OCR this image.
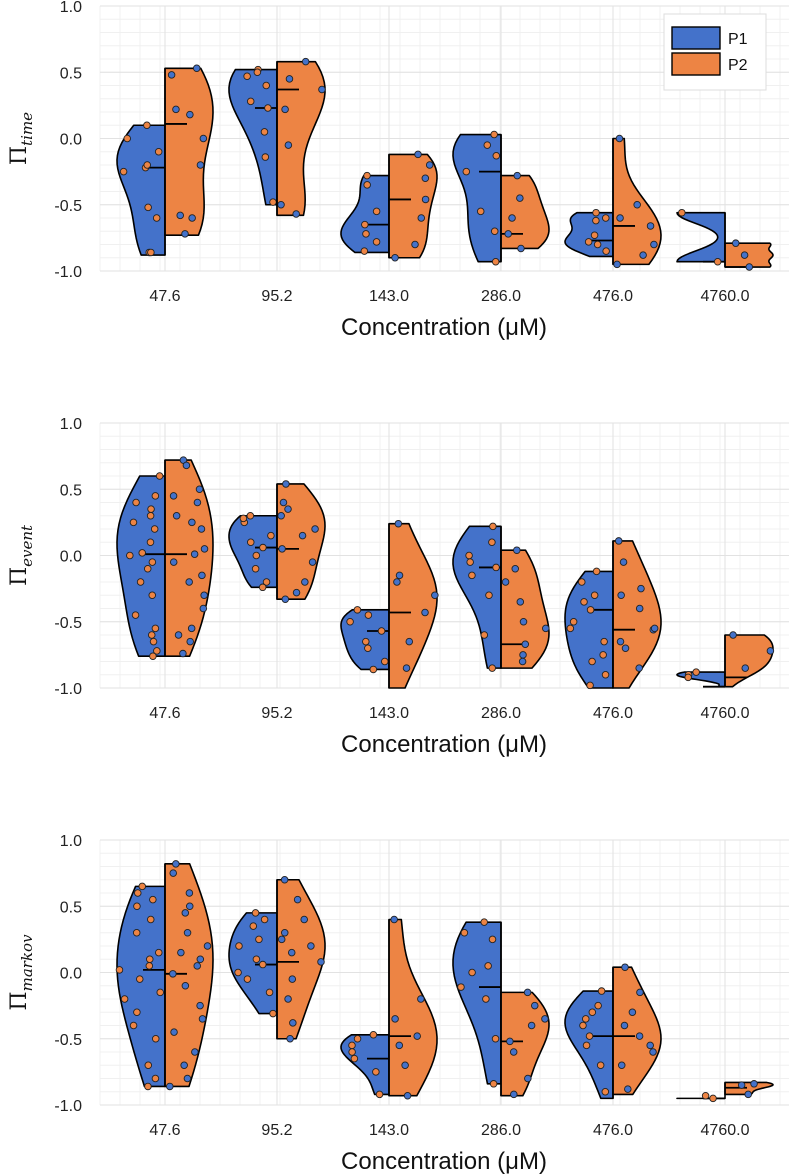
1.0
0.5
0.0
-0.5
-1.0
47.6	95.2	143.0	286.0	476.0	4760.0
Concentration (μM)
Πtime
P1
P2
1.0
0.5
0.0
-0.5
-1.0
47.6	95.2	143.0	286.0	476.0	4760.0
Concentration (μM)
Πevent
1.0
0.5
0.0
-0.5
-1.0
47.6	95.2	143.0	286.0	476.0	4760.0
Concentration (μM)
Πmarkov
